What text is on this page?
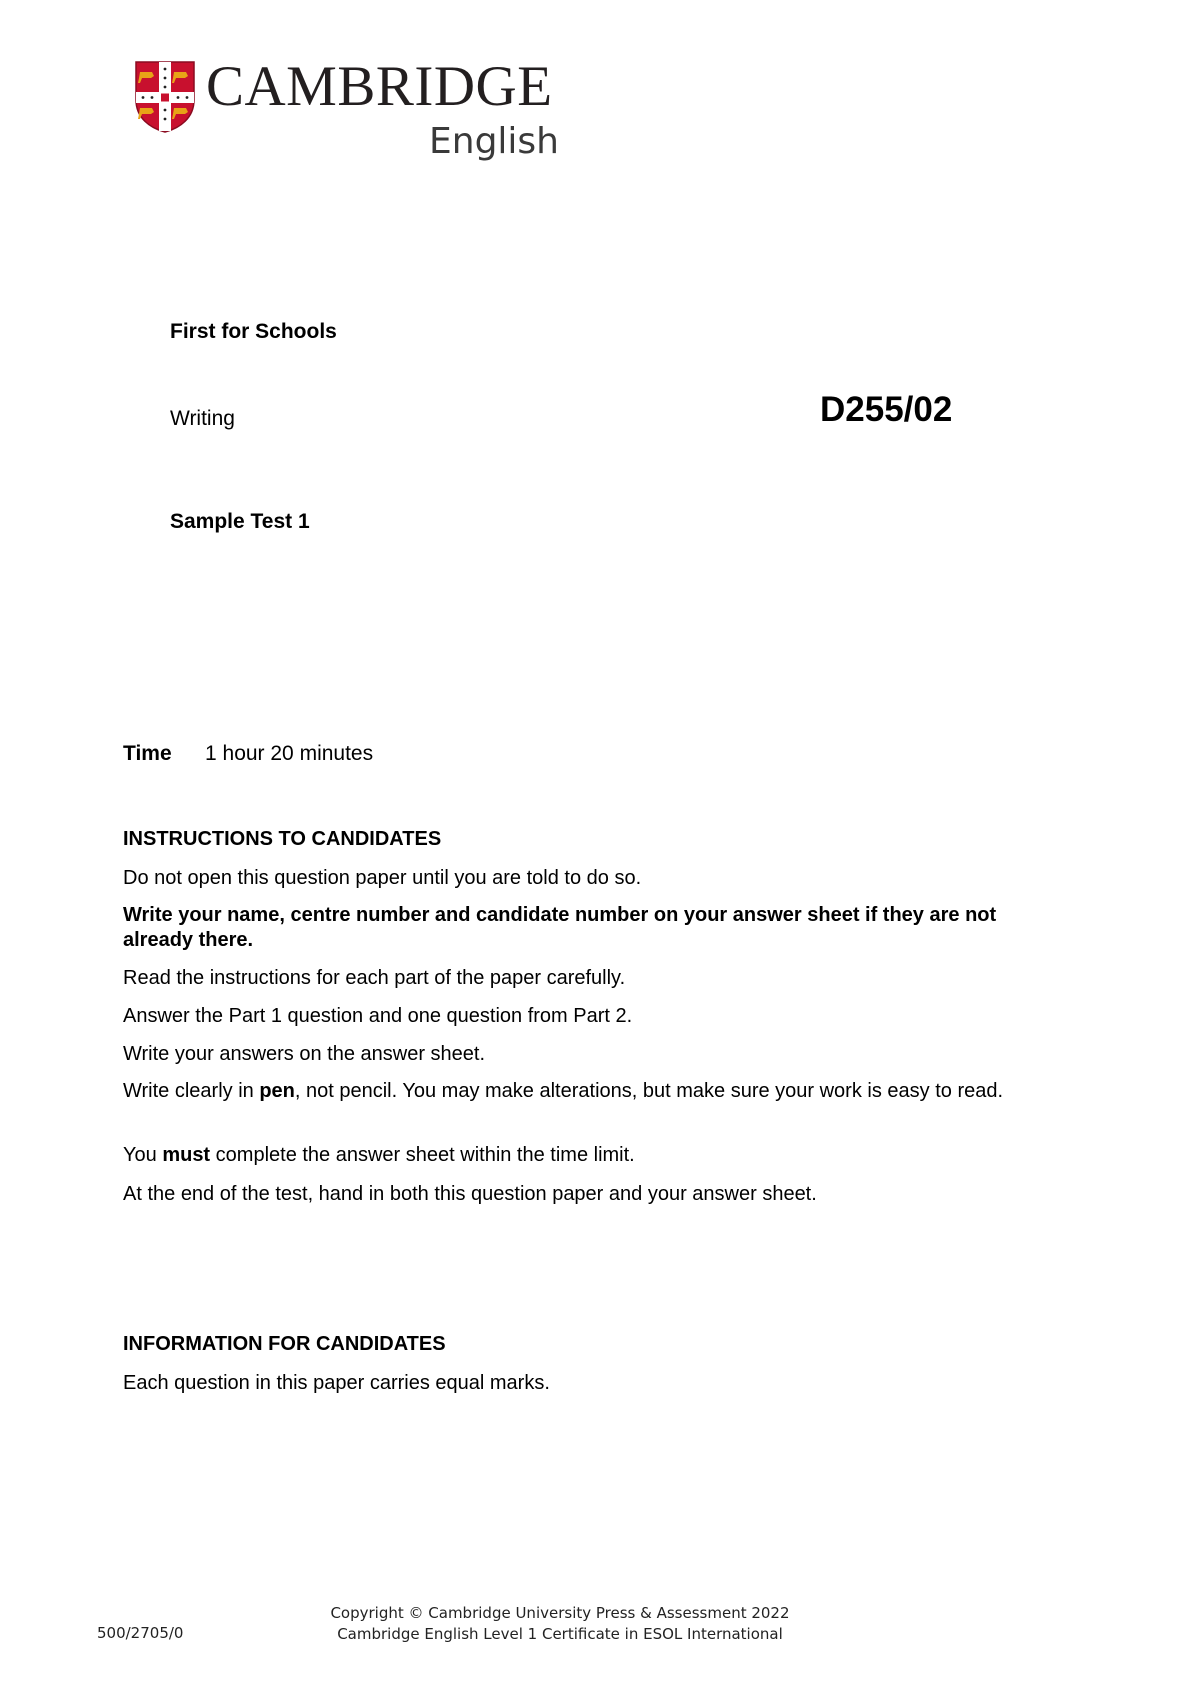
CAMBRIDGE
English
First for Schools
Writing	D255/02
Sample Test 1
Time 1 hour 20 minutes
INSTRUCTIONS TO CANDIDATES
Do not open this question paper until you are told to do so.
Write your name, centre number and candidate number on your answer sheet if they are not already there.
Read the instructions for each part of the paper carefully.
Answer the Part 1 question and one question from Part 2.
Write your answers on the answer sheet.
Write clearly in pen, not pencil. You may make alterations, but make sure your work is easy to read.
You must complete the answer sheet within the time limit.
At the end of the test, hand in both this question paper and your answer sheet.
INFORMATION FOR CANDIDATES
Each question in this paper carries equal marks.
500/2705/0
Copyright © Cambridge University Press & Assessment 2022
Cambridge English Level 1 Certificate in ESOL International
